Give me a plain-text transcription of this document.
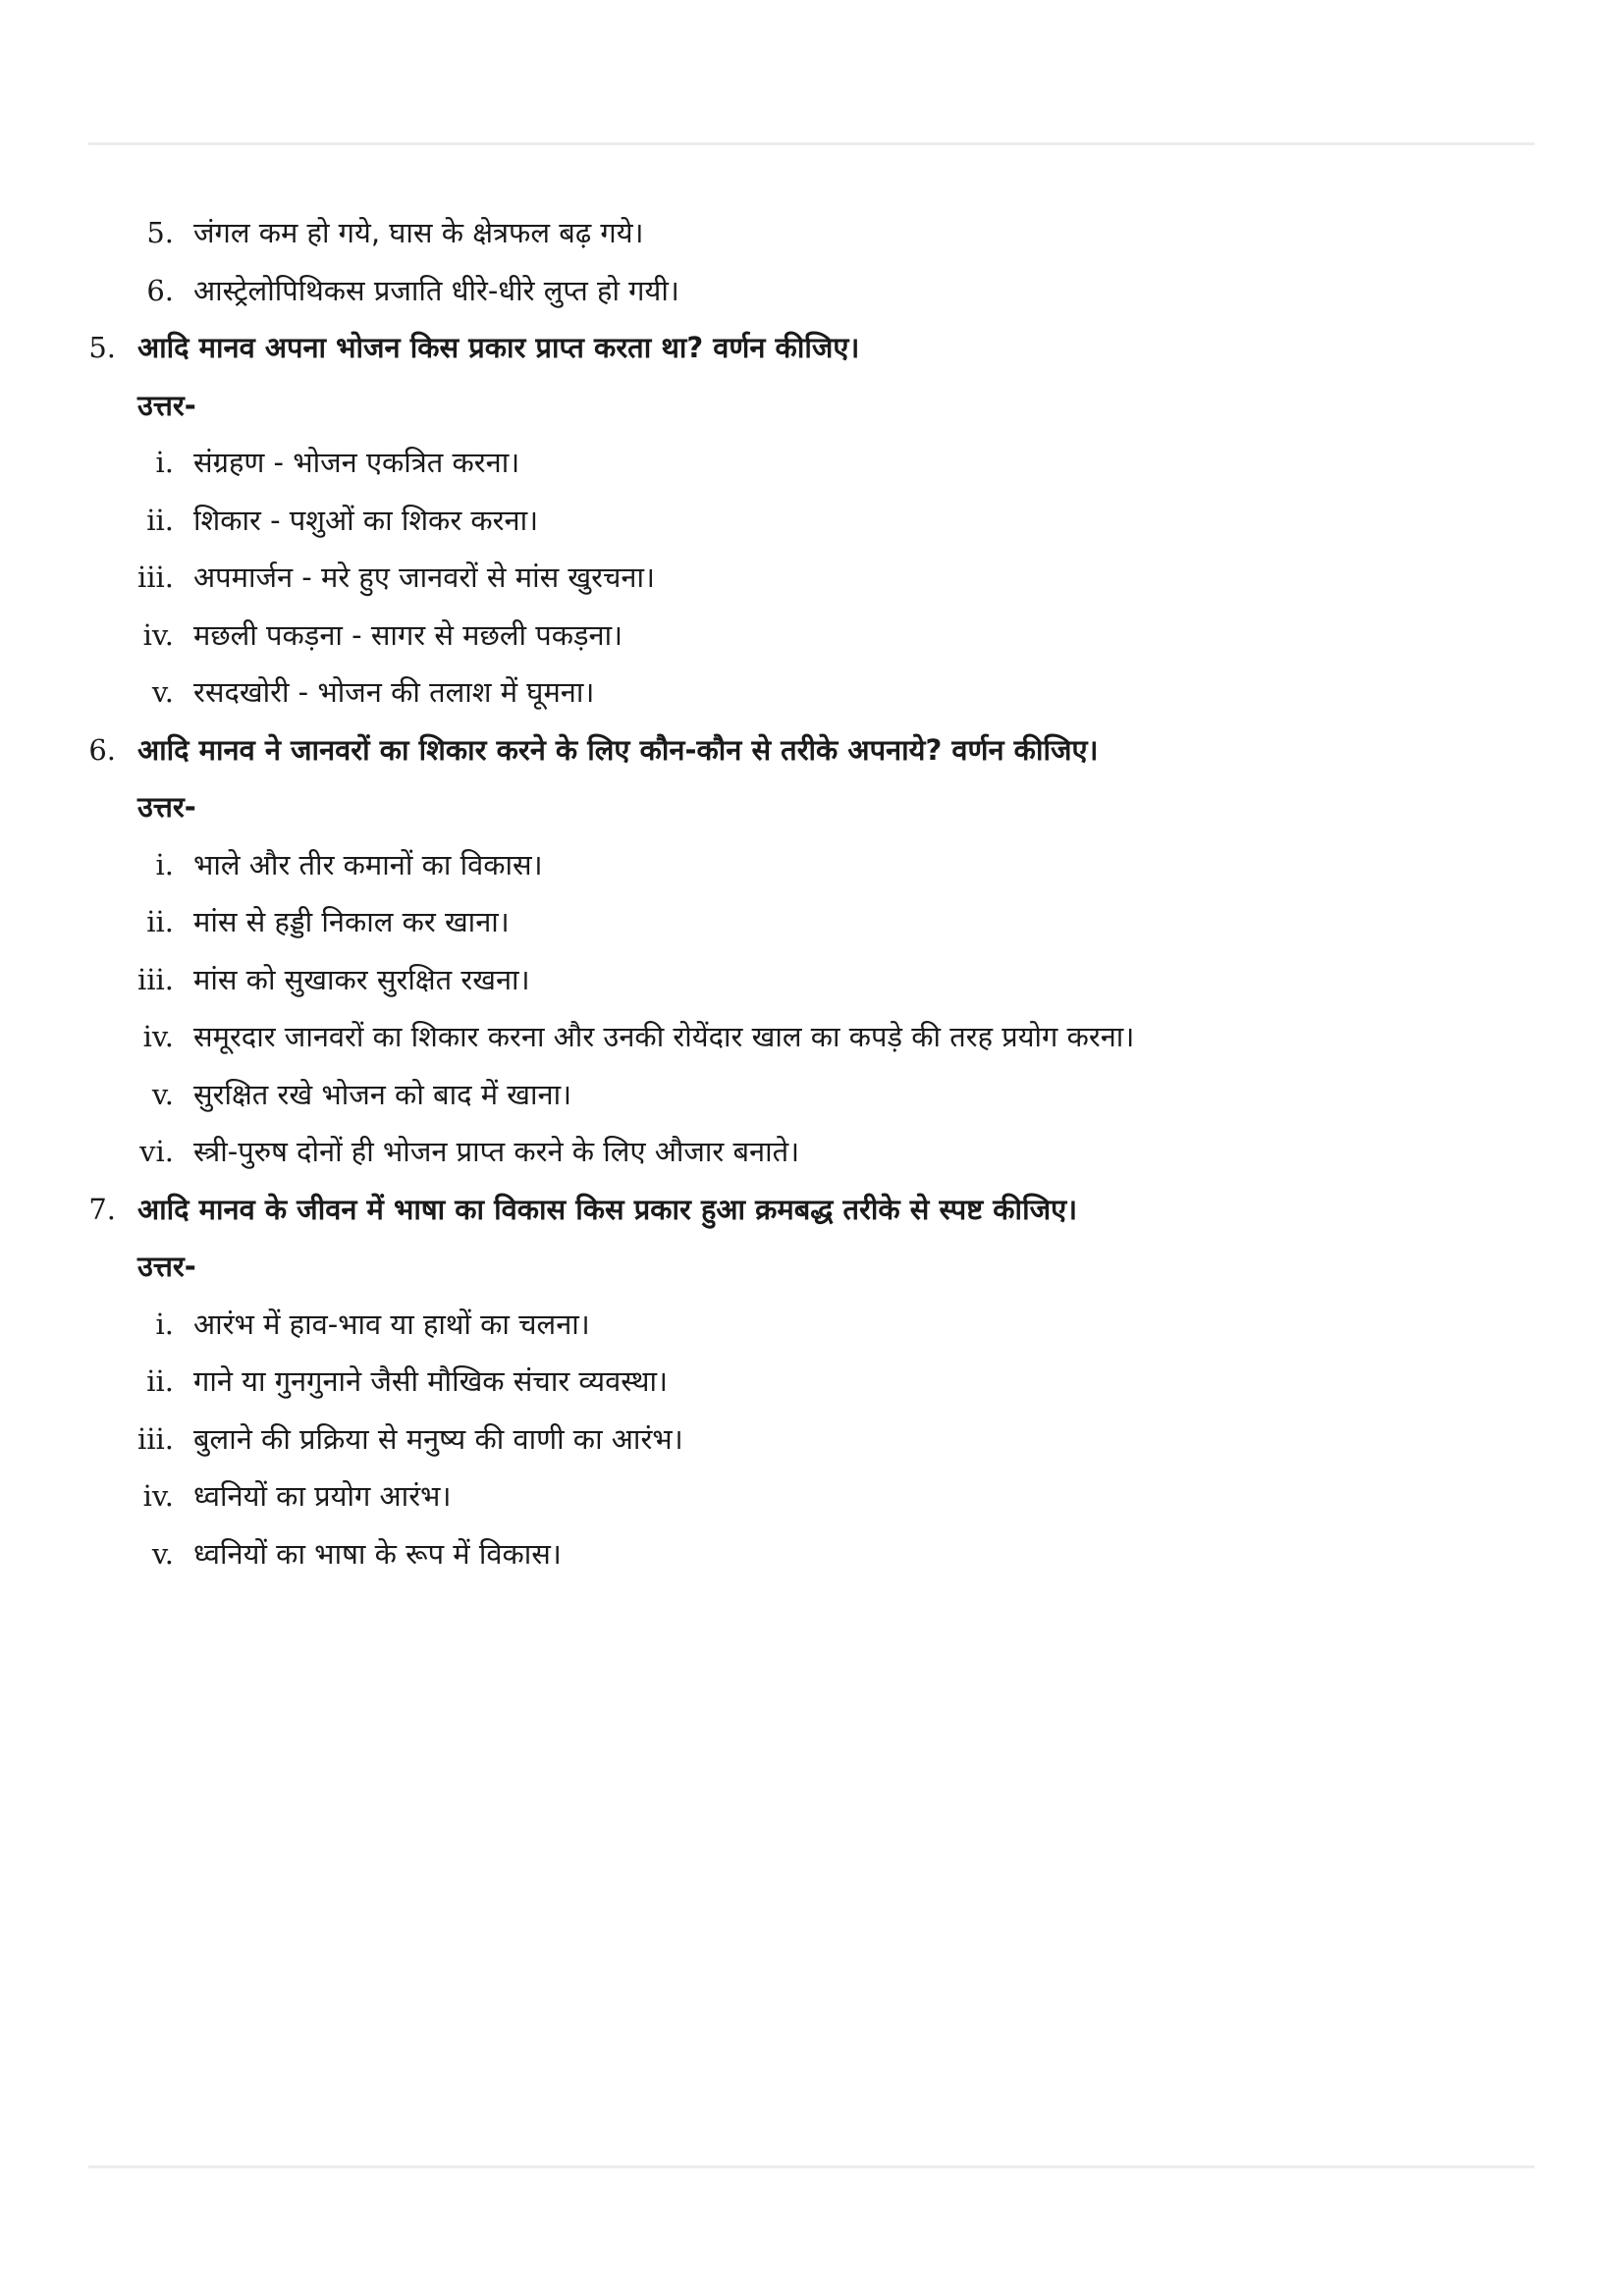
5. जंगल कम हो गये, घास के क्षेत्रफल बढ़ गये।
6. आस्ट्रेलोपिथिकस प्रजाति धीरे-धीरे लुप्त हो गयी।
5. आदि मानव अपना भोजन किस प्रकार प्राप्त करता था? वर्णन कीजिए।
उत्तर-
i. संग्रहण - भोजन एकत्रित करना।
ii. शिकार - पशुओं का शिकर करना।
iii. अपमार्जन - मरे हुए जानवरों से मांस खुरचना।
iv. मछली पकड़ना - सागर से मछली पकड़ना।
v. रसदखोरी - भोजन की तलाश में घूमना।
6. आदि मानव ने जानवरों का शिकार करने के लिए कौन-कौन से तरीके अपनाये? वर्णन कीजिए।
उत्तर-
i. भाले और तीर कमानों का विकास।
ii. मांस से हड्डी निकाल कर खाना।
iii. मांस को सुखाकर सुरक्षित रखना।
iv. समूरदार जानवरों का शिकार करना और उनकी रोयेंदार खाल का कपड़े की तरह प्रयोग करना।
v. सुरक्षित रखे भोजन को बाद में खाना।
vi. स्त्री-पुरुष दोनों ही भोजन प्राप्त करने के लिए औजार बनाते।
7. आदि मानव के जीवन में भाषा का विकास किस प्रकार हुआ क्रमबद्ध तरीके से स्पष्ट कीजिए।
उत्तर-
i. आरंभ में हाव-भाव या हाथों का चलना।
ii. गाने या गुनगुनाने जैसी मौखिक संचार व्यवस्था।
iii. बुलाने की प्रक्रिया से मनुष्य की वाणी का आरंभ।
iv. ध्वनियों का प्रयोग आरंभ।
v. ध्वनियों का भाषा के रूप में विकास।
